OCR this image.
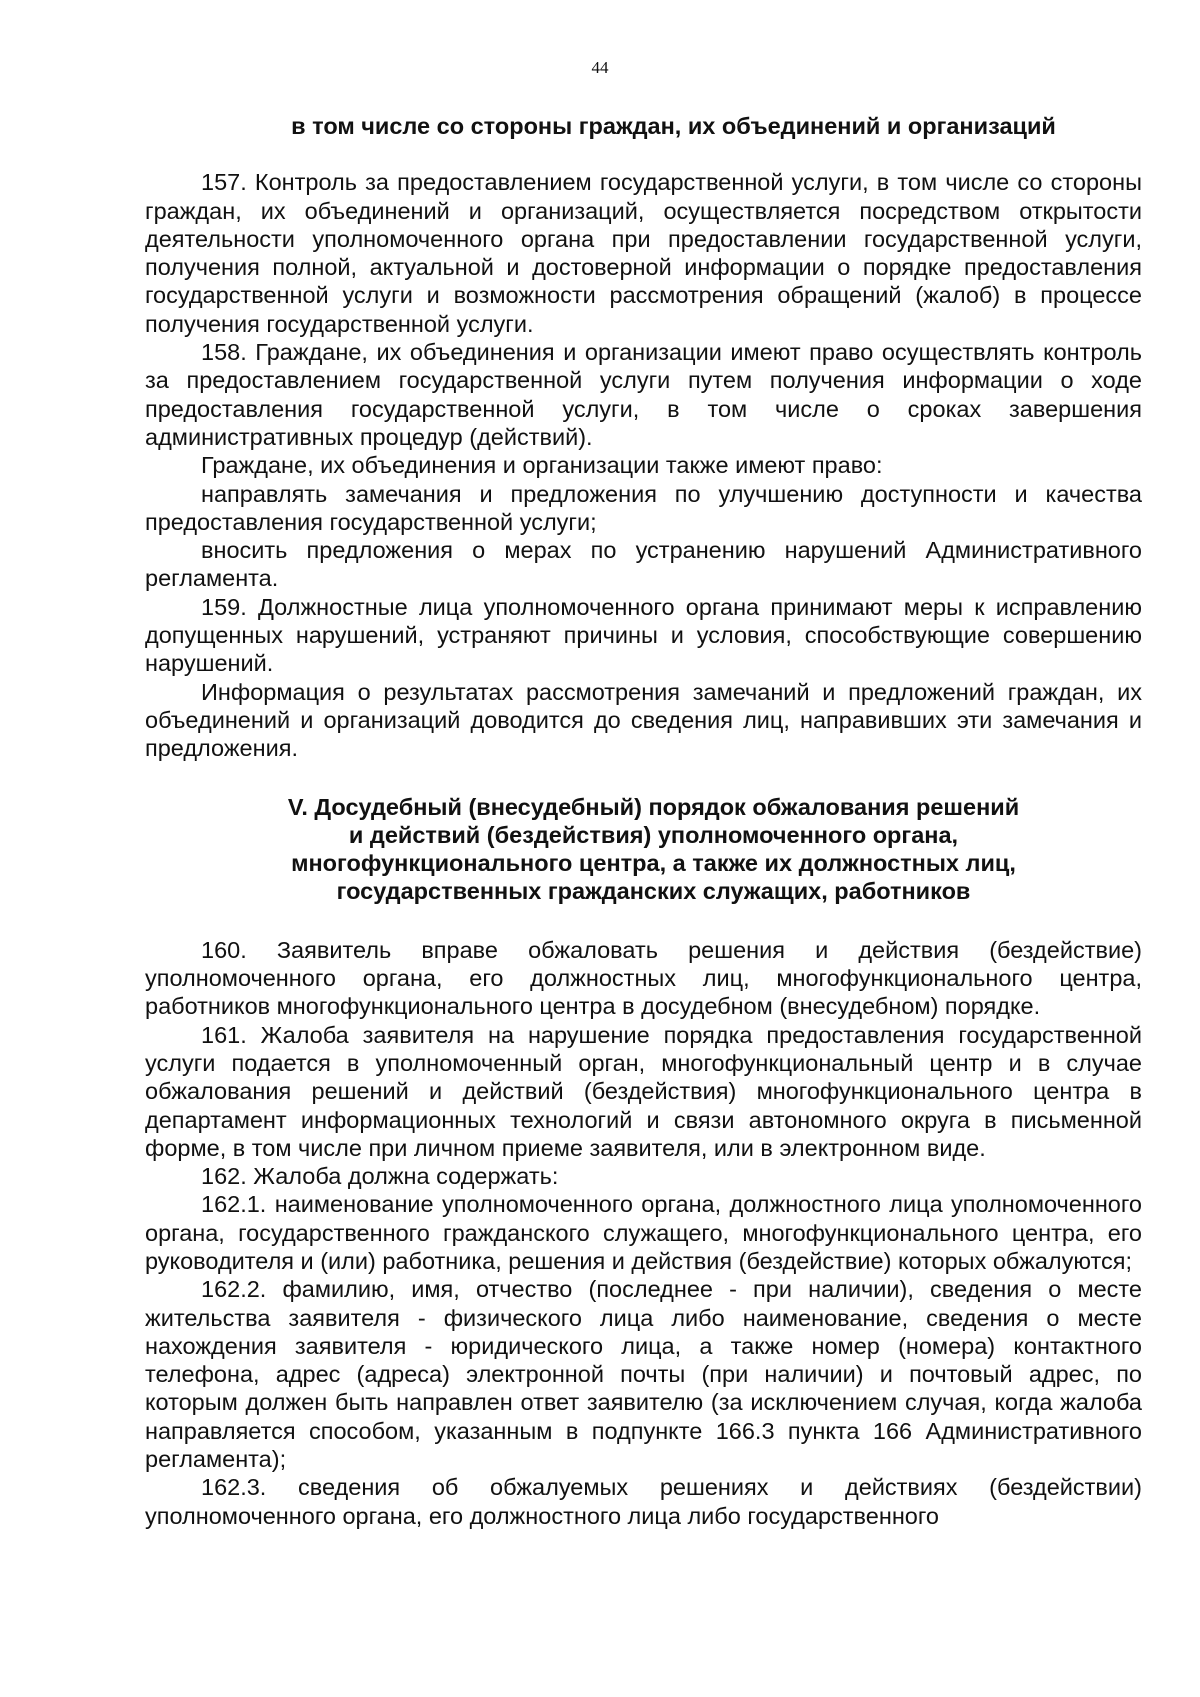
44

в том числе со стороны граждан, их объединений и организаций

157. Контроль за предоставлением государственной услуги, в том числе со стороны граждан, их объединений и организаций, осуществляется посредством открытости деятельности уполномоченного органа при предоставлении государственной услуги, получения полной, актуальной и достоверной информации о порядке предоставления государственной услуги и возможности рассмотрения обращений (жалоб) в процессе получения государственной услуги.

158. Граждане, их объединения и организации имеют право осуществлять контроль за предоставлением государственной услуги путем получения информации о ходе предоставления государственной услуги, в том числе о сроках завершения административных процедур (действий).

Граждане, их объединения и организации также имеют право:

направлять замечания и предложения по улучшению доступности и качества предоставления государственной услуги;

вносить предложения о мерах по устранению нарушений Административного регламента.

159. Должностные лица уполномоченного органа принимают меры к исправлению допущенных нарушений, устраняют причины и условия, способствующие совершению нарушений.

Информация о результатах рассмотрения замечаний и предложений граждан, их объединений и организаций доводится до сведения лиц, направивших эти замечания и предложения.

V. Досудебный (внесудебный) порядок обжалования решений
и действий (бездействия) уполномоченного органа,
многофункционального центра, а также их должностных лиц,
государственных гражданских служащих, работников

160. Заявитель вправе обжаловать решения и действия (бездействие) уполномоченного органа, его должностных лиц, многофункционального центра, работников многофункционального центра в досудебном (внесудебном) порядке.

161. Жалоба заявителя на нарушение порядка предоставления государственной услуги подается в уполномоченный орган, многофункциональный центр и в случае обжалования решений и действий (бездействия) многофункционального центра в департамент информационных технологий и связи автономного округа в письменной форме, в том числе при личном приеме заявителя, или в электронном виде.

162. Жалоба должна содержать:

162.1. наименование уполномоченного органа, должностного лица уполномоченного органа, государственного гражданского служащего, многофункционального центра, его руководителя и (или) работника, решения и действия (бездействие) которых обжалуются;

162.2. фамилию, имя, отчество (последнее - при наличии), сведения о месте жительства заявителя - физического лица либо наименование, сведения о месте нахождения заявителя - юридического лица, а также номер (номера) контактного телефона, адрес (адреса) электронной почты (при наличии) и почтовый адрес, по которым должен быть направлен ответ заявителю (за исключением случая, когда жалоба направляется способом, указанным в подпункте 166.3 пункта 166 Административного регламента);

162.3. сведения об обжалуемых решениях и действиях (бездействии) уполномоченного органа, его должностного лица либо государственного
